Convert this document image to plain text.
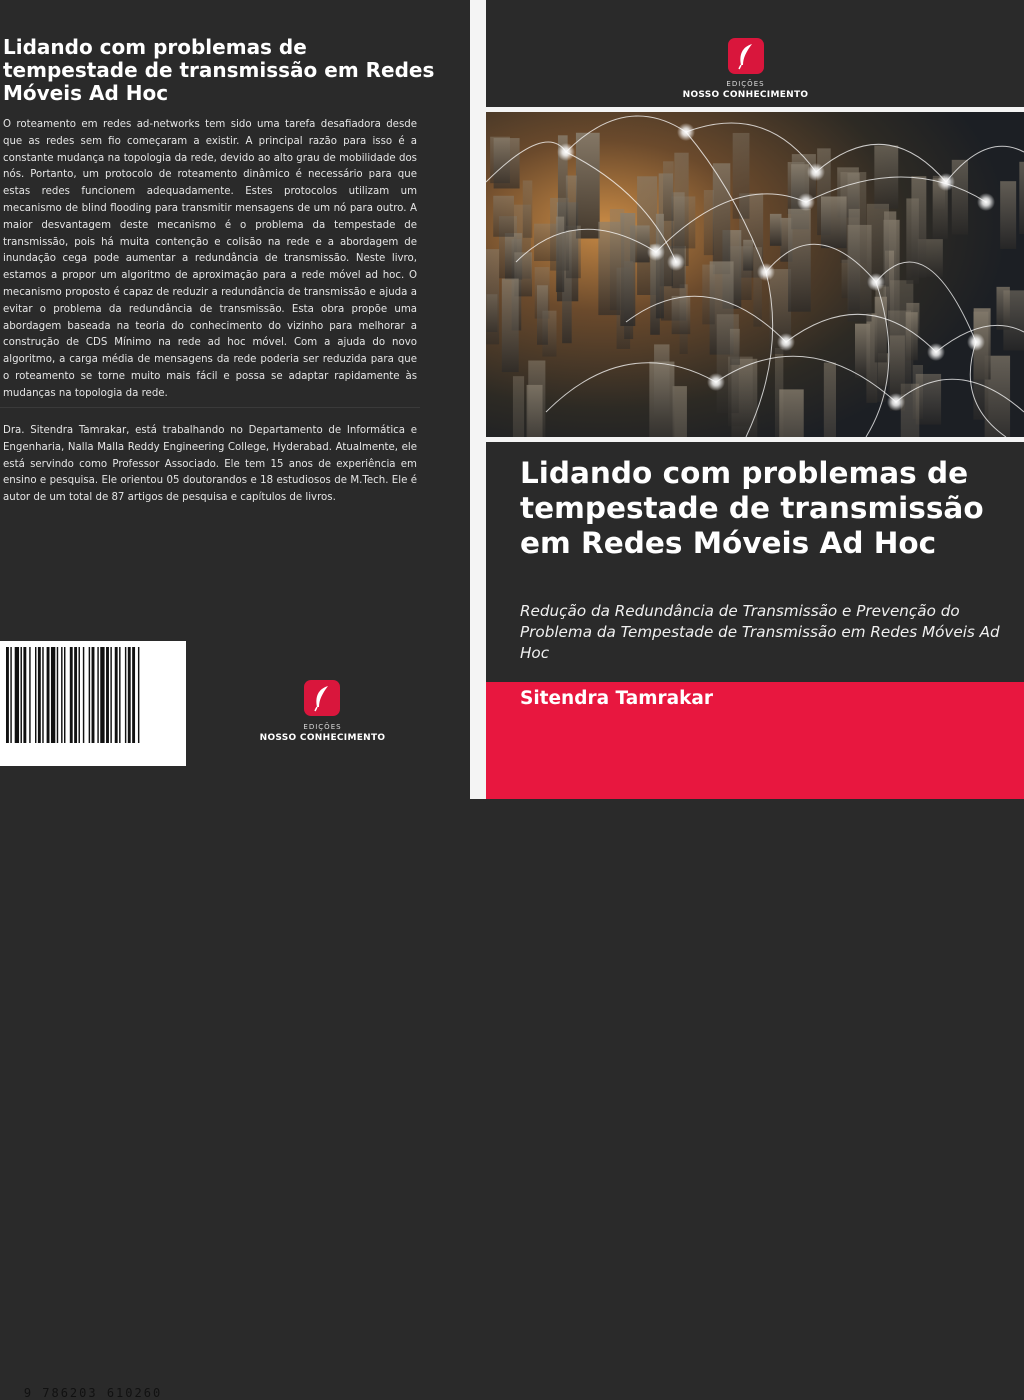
Lidando com problemas de tempestade de transmissão em Redes Móveis Ad Hoc

O roteamento em redes ad-networks tem sido uma tarefa desafiadora desde que as redes sem fio começaram a existir. A principal razão para isso é a constante mudança na topologia da rede, devido ao alto grau de mobilidade dos nós. Portanto, um protocolo de roteamento dinâmico é necessário para que estas redes funcionem adequadamente. Estes protocolos utilizam um mecanismo de blind flooding para transmitir mensagens de um nó para outro. A maior desvantagem deste mecanismo é o problema da tempestade de transmissão, pois há muita contenção e colisão na rede e a abordagem de inundação cega pode aumentar a redundância de transmissão. Neste livro, estamos a propor um algoritmo de aproximação para a rede móvel ad hoc. O mecanismo proposto é capaz de reduzir a redundância de transmissão e ajuda a evitar o problema da redundância de transmissão. Esta obra propõe uma abordagem baseada na teoria do conhecimento do vizinho para melhorar a construção de CDS Mínimo na rede ad hoc móvel. Com a ajuda do novo algoritmo, a carga média de mensagens da rede poderia ser reduzida para que o roteamento se torne muito mais fácil e possa se adaptar rapidamente às mudanças na topologia da rede.

Dra. Sitendra Tamrakar, está trabalhando no Departamento de Informática e Engenharia, Nalla Malla Reddy Engineering College, Hyderabad. Atualmente, ele está servindo como Professor Associado. Ele tem 15 anos de experiência em ensino e pesquisa. Ele orientou 05 doutorandos e 18 estudiosos de M.Tech. Ele é autor de um total de 87 artigos de pesquisa e capítulos de livros.

9 786203 610260
EDIÇÕES
NOSSO CONHECIMENTO
EDIÇÕES
NOSSO CONHECIMENTO
Lidando com problemas de tempestade de transmissão em Redes Móveis Ad Hoc

Redução da Redundância de Transmissão e Prevenção do Problema da Tempestade de Transmissão em Redes Móveis Ad Hoc

Sitendra Tamrakar
